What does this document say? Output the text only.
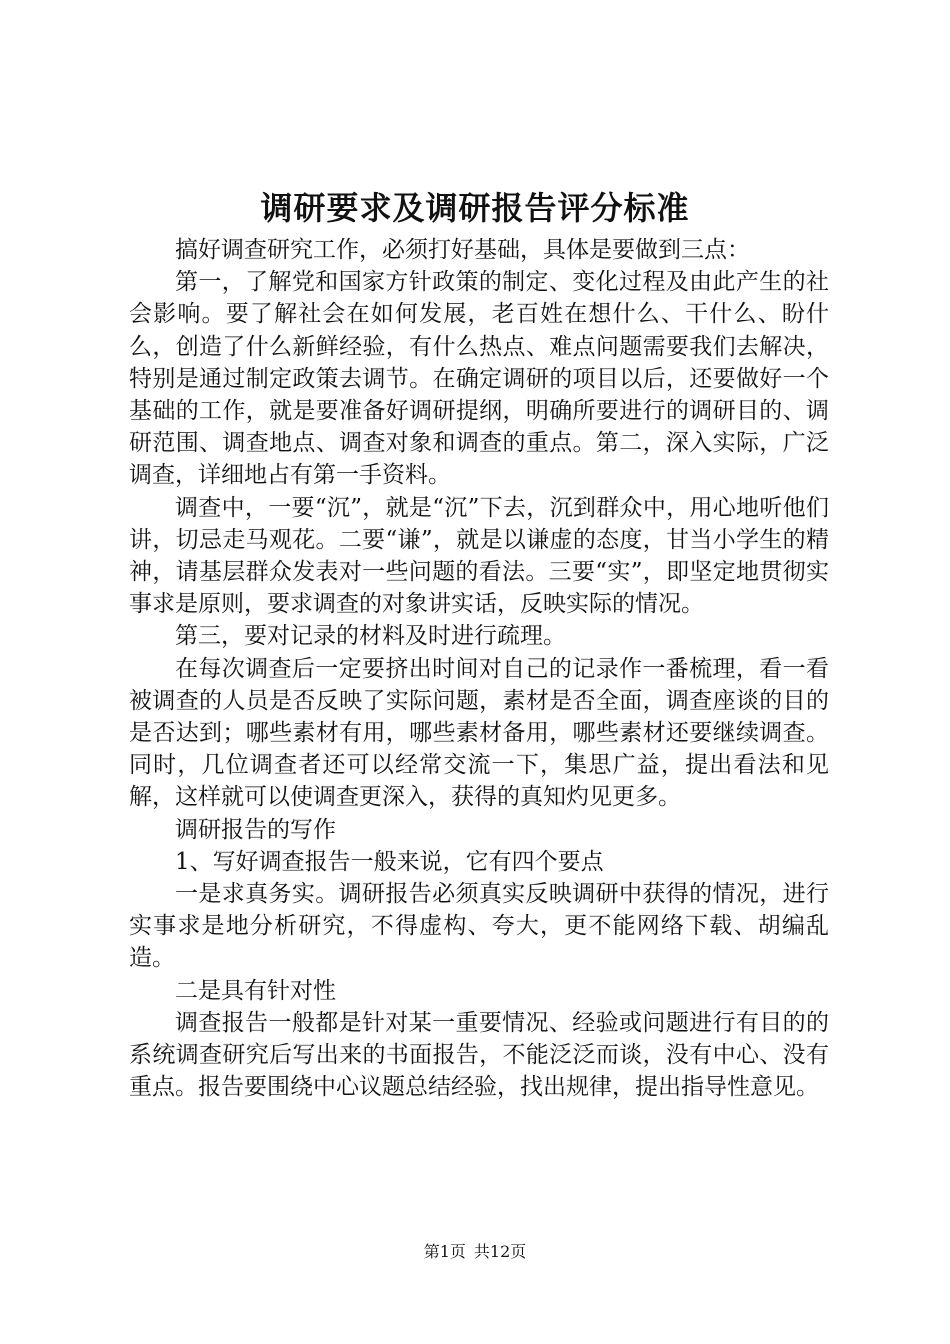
调研要求及调研报告评分标准

搞好调查研究工作，必须打好基础，具体是要做到三点：

第一，了解党和国家方针政策的制定、变化过程及由此产生的社会影响。要了解社会在如何发展，老百姓在想什么、干什么、盼什么，创造了什么新鲜经验，有什么热点、难点问题需要我们去解决，特别是通过制定政策去调节。在确定调研的项目以后，还要做好一个基础的工作，就是要准备好调研提纲，明确所要进行的调研目的、调研范围、调查地点、调查对象和调查的重点。第二，深入实际，广泛调查，详细地占有第一手资料。

调查中，一要“沉”，就是“沉”下去，沉到群众中，用心地听他们讲，切忌走马观花。二要“谦”，就是以谦虚的态度，甘当小学生的精神，请基层群众发表对一些问题的看法。三要“实”，即坚定地贯彻实事求是原则，要求调查的对象讲实话，反映实际的情况。

第三，要对记录的材料及时进行疏理。

在每次调查后一定要挤出时间对自己的记录作一番梳理，看一看被调查的人员是否反映了实际问题，素材是否全面，调查座谈的目的是否达到；哪些素材有用，哪些素材备用，哪些素材还要继续调查。同时，几位调查者还可以经常交流一下，集思广益，提出看法和见解，这样就可以使调查更深入，获得的真知灼见更多。

调研报告的写作

1、写好调查报告一般来说，它有四个要点

一是求真务实。调研报告必须真实反映调研中获得的情况，进行实事求是地分析研究，不得虚构、夸大，更不能网络下载、胡编乱造。

二是具有针对性

调查报告一般都是针对某一重要情况、经验或问题进行有目的的系统调查研究后写出来的书面报告，不能泛泛而谈，没有中心、没有重点。报告要围绕中心议题总结经验，找出规律，提出指导性意见。

第1页 共12页
